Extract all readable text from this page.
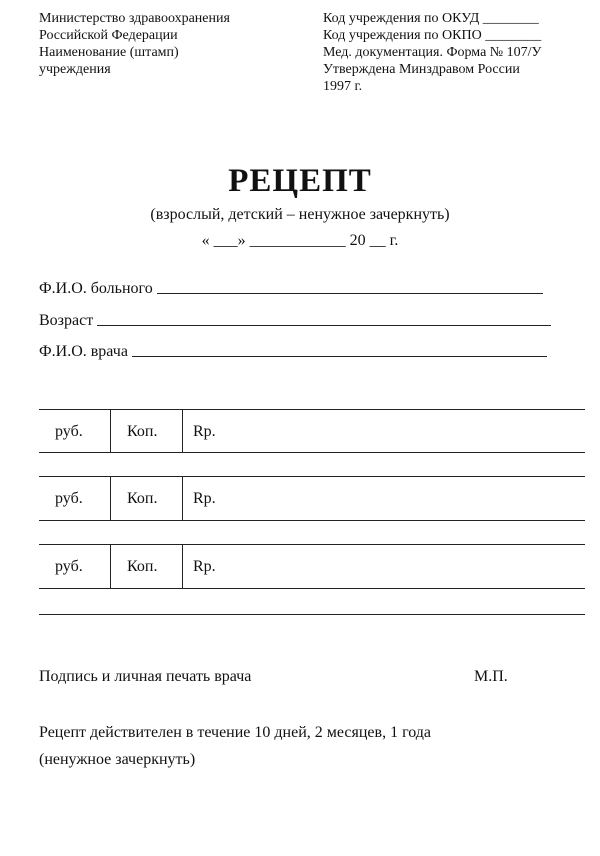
Министерство здравоохранения
Российской Федерации
Наименование (штамп)
учреждения
Код учреждения по ОКУД ________
Код учреждения по ОКПО ________
Мед. документация. Форма № 107/У
Утверждена Минздравом России
1997 г.
РЕЦЕПТ
(взрослый, детский – ненужное зачеркнуть)
« ___» ____________ 20 __ г.
Ф.И.О. больного
Возраст
Ф.И.О. врача
руб.	Коп. Rp.
руб.	Коп. Rp.
руб.	Коп. Rp.
Подпись и личная печать врача	М.П.
Рецепт действителен в течение 10 дней, 2 месяцев, 1 года
(ненужное зачеркнуть)
